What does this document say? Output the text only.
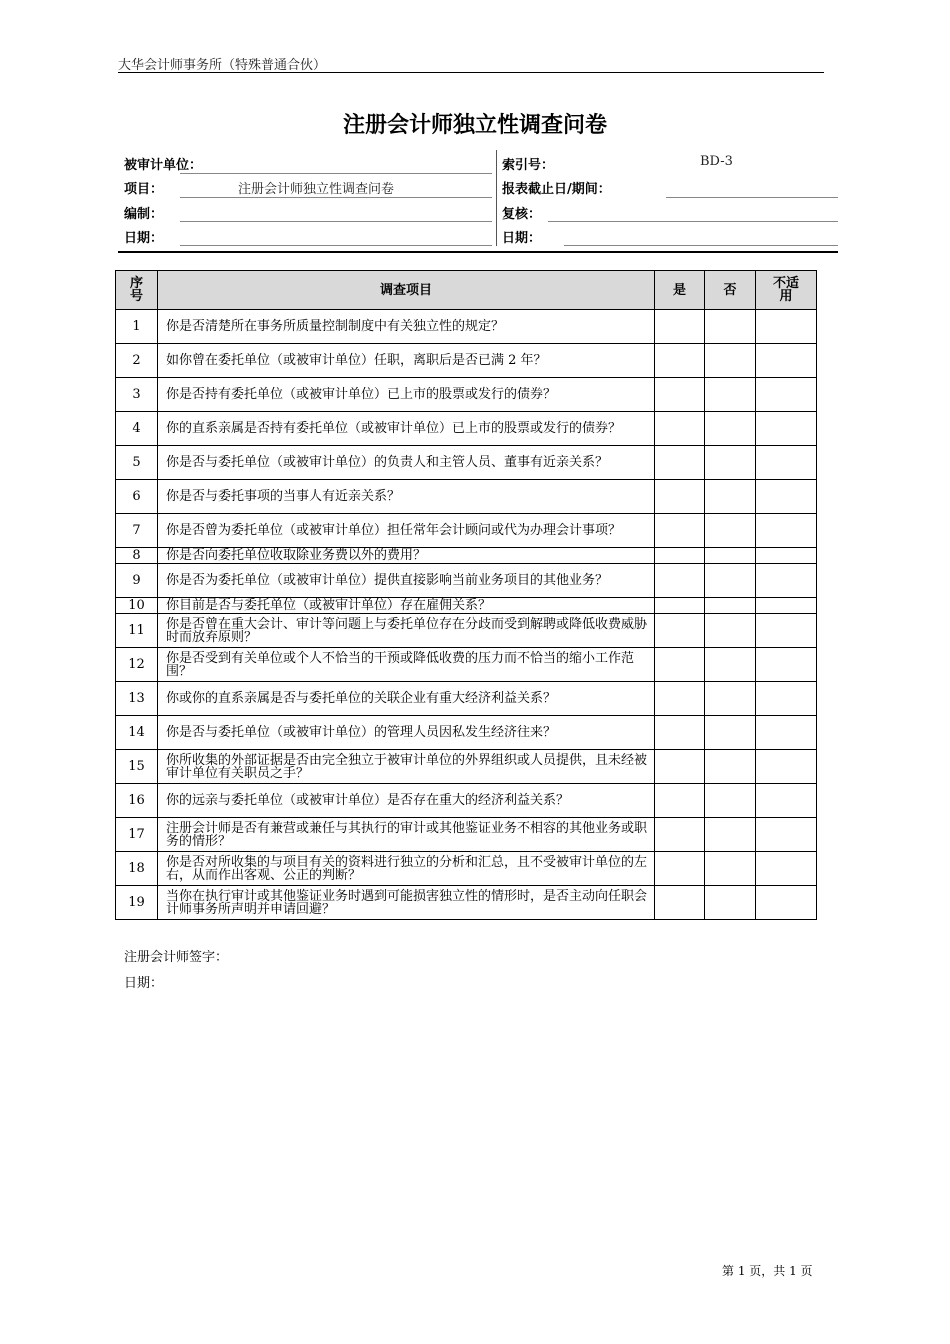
大华会计师事务所（特殊普通合伙）
注册会计师独立性调查问卷
被审计单位：
项目：	注册会计师独立性调查问卷
编制：
日期：
索引号：	BD-3
报表截止日/期间：
复核：
日期：
序号	调查项目	是	否	不适用
1	你是否清楚所在事务所质量控制制度中有关独立性的规定？			
2	如你曾在委托单位（或被审计单位）任职，离职后是否已满 2 年？			
3	你是否持有委托单位（或被审计单位）已上市的股票或发行的债券？			
4	你的直系亲属是否持有委托单位（或被审计单位）已上市的股票或发行的债券？			
5	你是否与委托单位（或被审计单位）的负责人和主管人员、董事有近亲关系？			
6	你是否与委托事项的当事人有近亲关系？			
7	你是否曾为委托单位（或被审计单位）担任常年会计顾问或代为办理会计事项？			
8	你是否向委托单位收取除业务费以外的费用？			
9	你是否为委托单位（或被审计单位）提供直接影响当前业务项目的其他业务？			
10	你目前是否与委托单位（或被审计单位）存在雇佣关系？			
11	你是否曾在重大会计、审计等问题上与委托单位存在分歧而受到解聘或降低收费威胁时而放弃原则？			
12	你是否受到有关单位或个人不恰当的干预或降低收费的压力而不恰当的缩小工作范围？			
13	你或你的直系亲属是否与委托单位的关联企业有重大经济利益关系？			
14	你是否与委托单位（或被审计单位）的管理人员因私发生经济往来？			
15	你所收集的外部证据是否由完全独立于被审计单位的外界组织或人员提供，且未经被审计单位有关职员之手？			
16	你的远亲与委托单位（或被审计单位）是否存在重大的经济利益关系？			
17	注册会计师是否有兼营或兼任与其执行的审计或其他鉴证业务不相容的其他业务或职务的情形？			
18	你是否对所收集的与项目有关的资料进行独立的分析和汇总，且不受被审计单位的左右，从而作出客观、公正的判断？			
19	当你在执行审计或其他鉴证业务时遇到可能损害独立性的情形时，是否主动向任职会计师事务所声明并申请回避？			
注册会计师签字：
日期：
第 1 页，共 1 页
